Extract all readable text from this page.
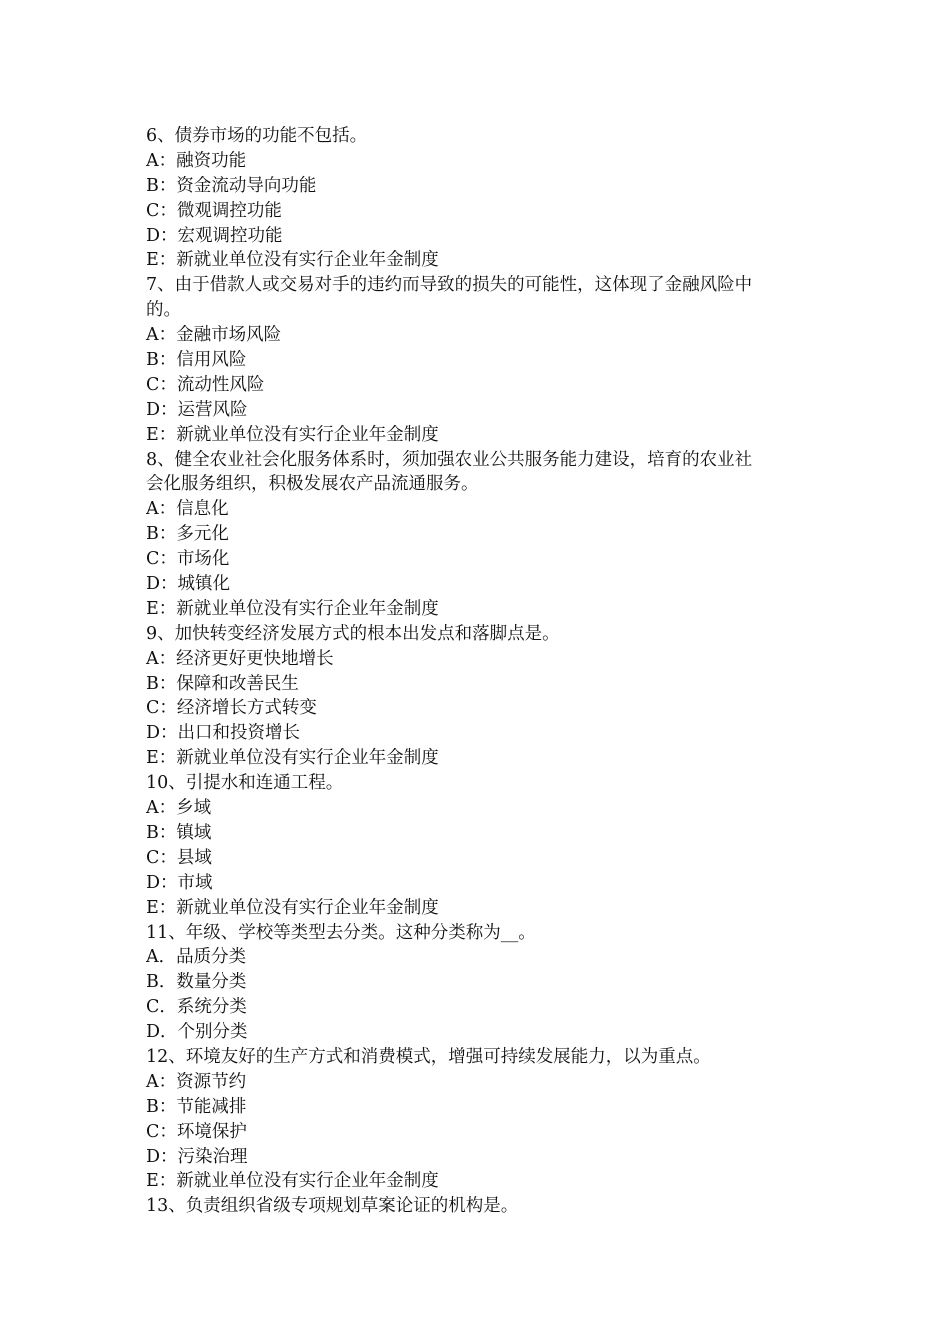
6、债券市场的功能不包括。
A：融资功能
B：资金流动导向功能
C：微观调控功能
D：宏观调控功能
E：新就业单位没有实行企业年金制度
7、由于借款人或交易对手的违约而导致的损失的可能性，这体现了金融风险中
的。
A：金融市场风险
B：信用风险
C：流动性风险
D：运营风险
E：新就业单位没有实行企业年金制度
8、健全农业社会化服务体系时，须加强农业公共服务能力建设，培育的农业社
会化服务组织，积极发展农产品流通服务。
A：信息化
B：多元化
C：市场化
D：城镇化
E：新就业单位没有实行企业年金制度
9、加快转变经济发展方式的根本出发点和落脚点是。
A：经济更好更快地增长
B：保障和改善民生
C：经济增长方式转变
D：出口和投资增长
E：新就业单位没有实行企业年金制度
10、引提水和连通工程。
A：乡域
B：镇域
C：县域
D：市域
E：新就业单位没有实行企业年金制度
11、年级、学校等类型去分类。这种分类称为__。
A．品质分类
B．数量分类
C．系统分类
D．个别分类
12、环境友好的生产方式和消费模式，增强可持续发展能力，以为重点。
A：资源节约
B：节能减排
C：环境保护
D：污染治理
E：新就业单位没有实行企业年金制度
13、负责组织省级专项规划草案论证的机构是。
